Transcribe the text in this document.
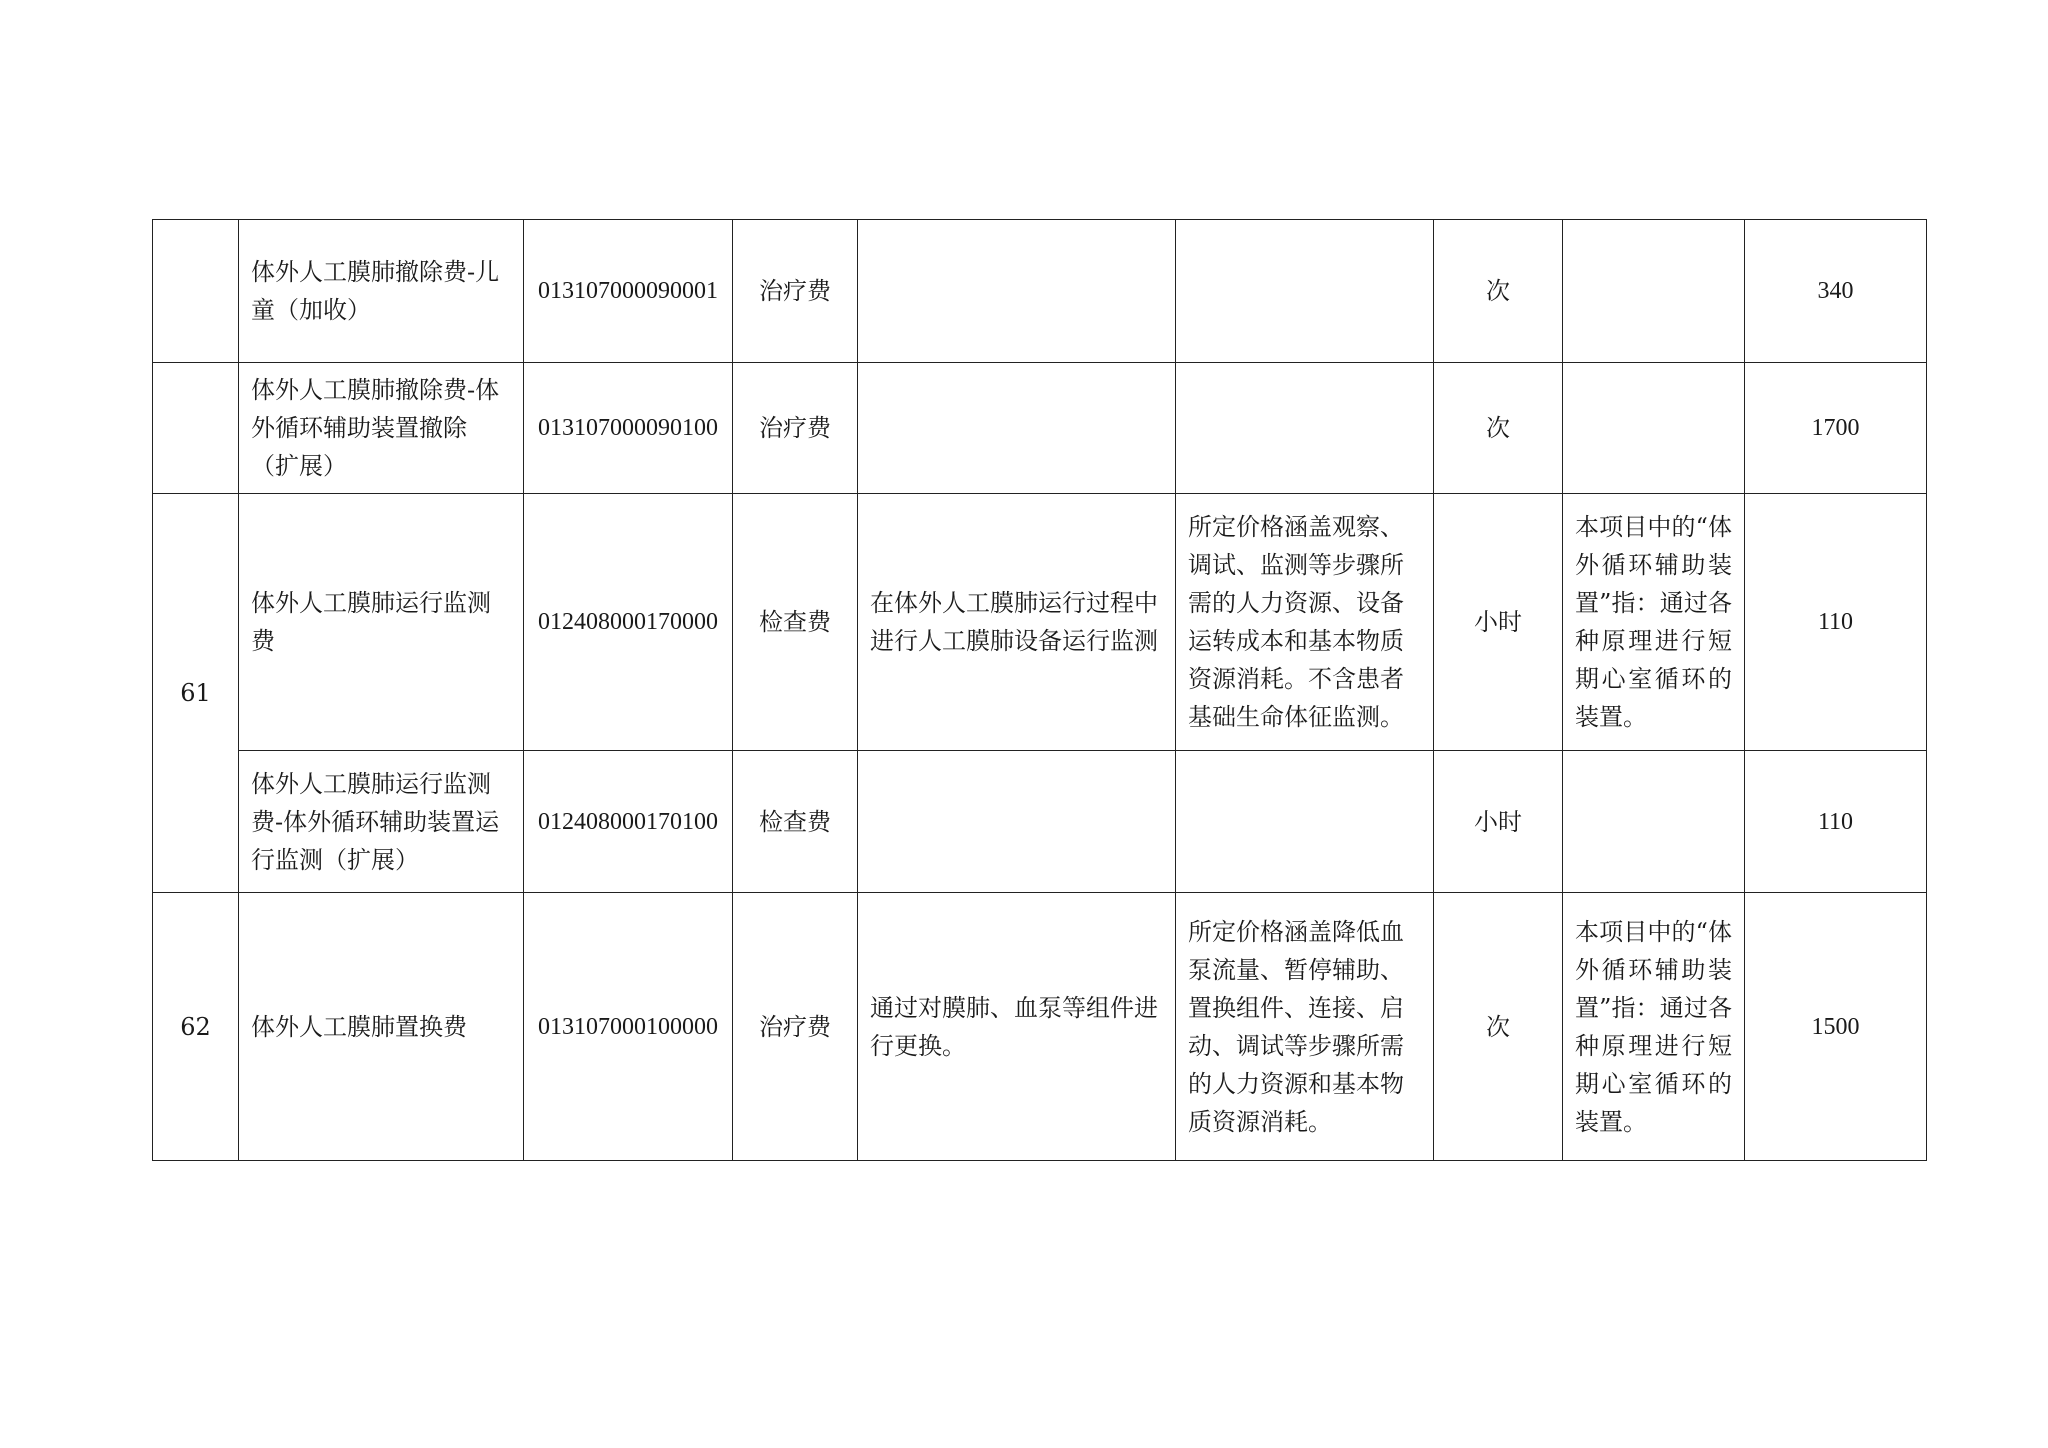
	体外人工膜肺撤除费-儿童（加收）	013107000090001	治疗费			次		340
	体外人工膜肺撤除费-体外循环辅助装置撤除（扩展）	013107000090100	治疗费			次		1700
61	体外人工膜肺运行监测费	012408000170000	检查费	在体外人工膜肺运行过程中进行人工膜肺设备运行监测	所定价格涵盖观察、调试、监测等步骤所需的人力资源、设备运转成本和基本物质资源消耗。不含患者基础生命体征监测。	小时	本项目中的“体外循环辅助装置”指：通过各种原理进行短期心室循环的装置。	110
	体外人工膜肺运行监测费-体外循环辅助装置运行监测（扩展）	012408000170100	检查费			小时		110
62	体外人工膜肺置换费	013107000100000	治疗费	通过对膜肺、血泵等组件进行更换。	所定价格涵盖降低血泵流量、暂停辅助、置换组件、连接、启动、调试等步骤所需的人力资源和基本物质资源消耗。	次	本项目中的“体外循环辅助装置”指：通过各种原理进行短期心室循环的装置。	1500
